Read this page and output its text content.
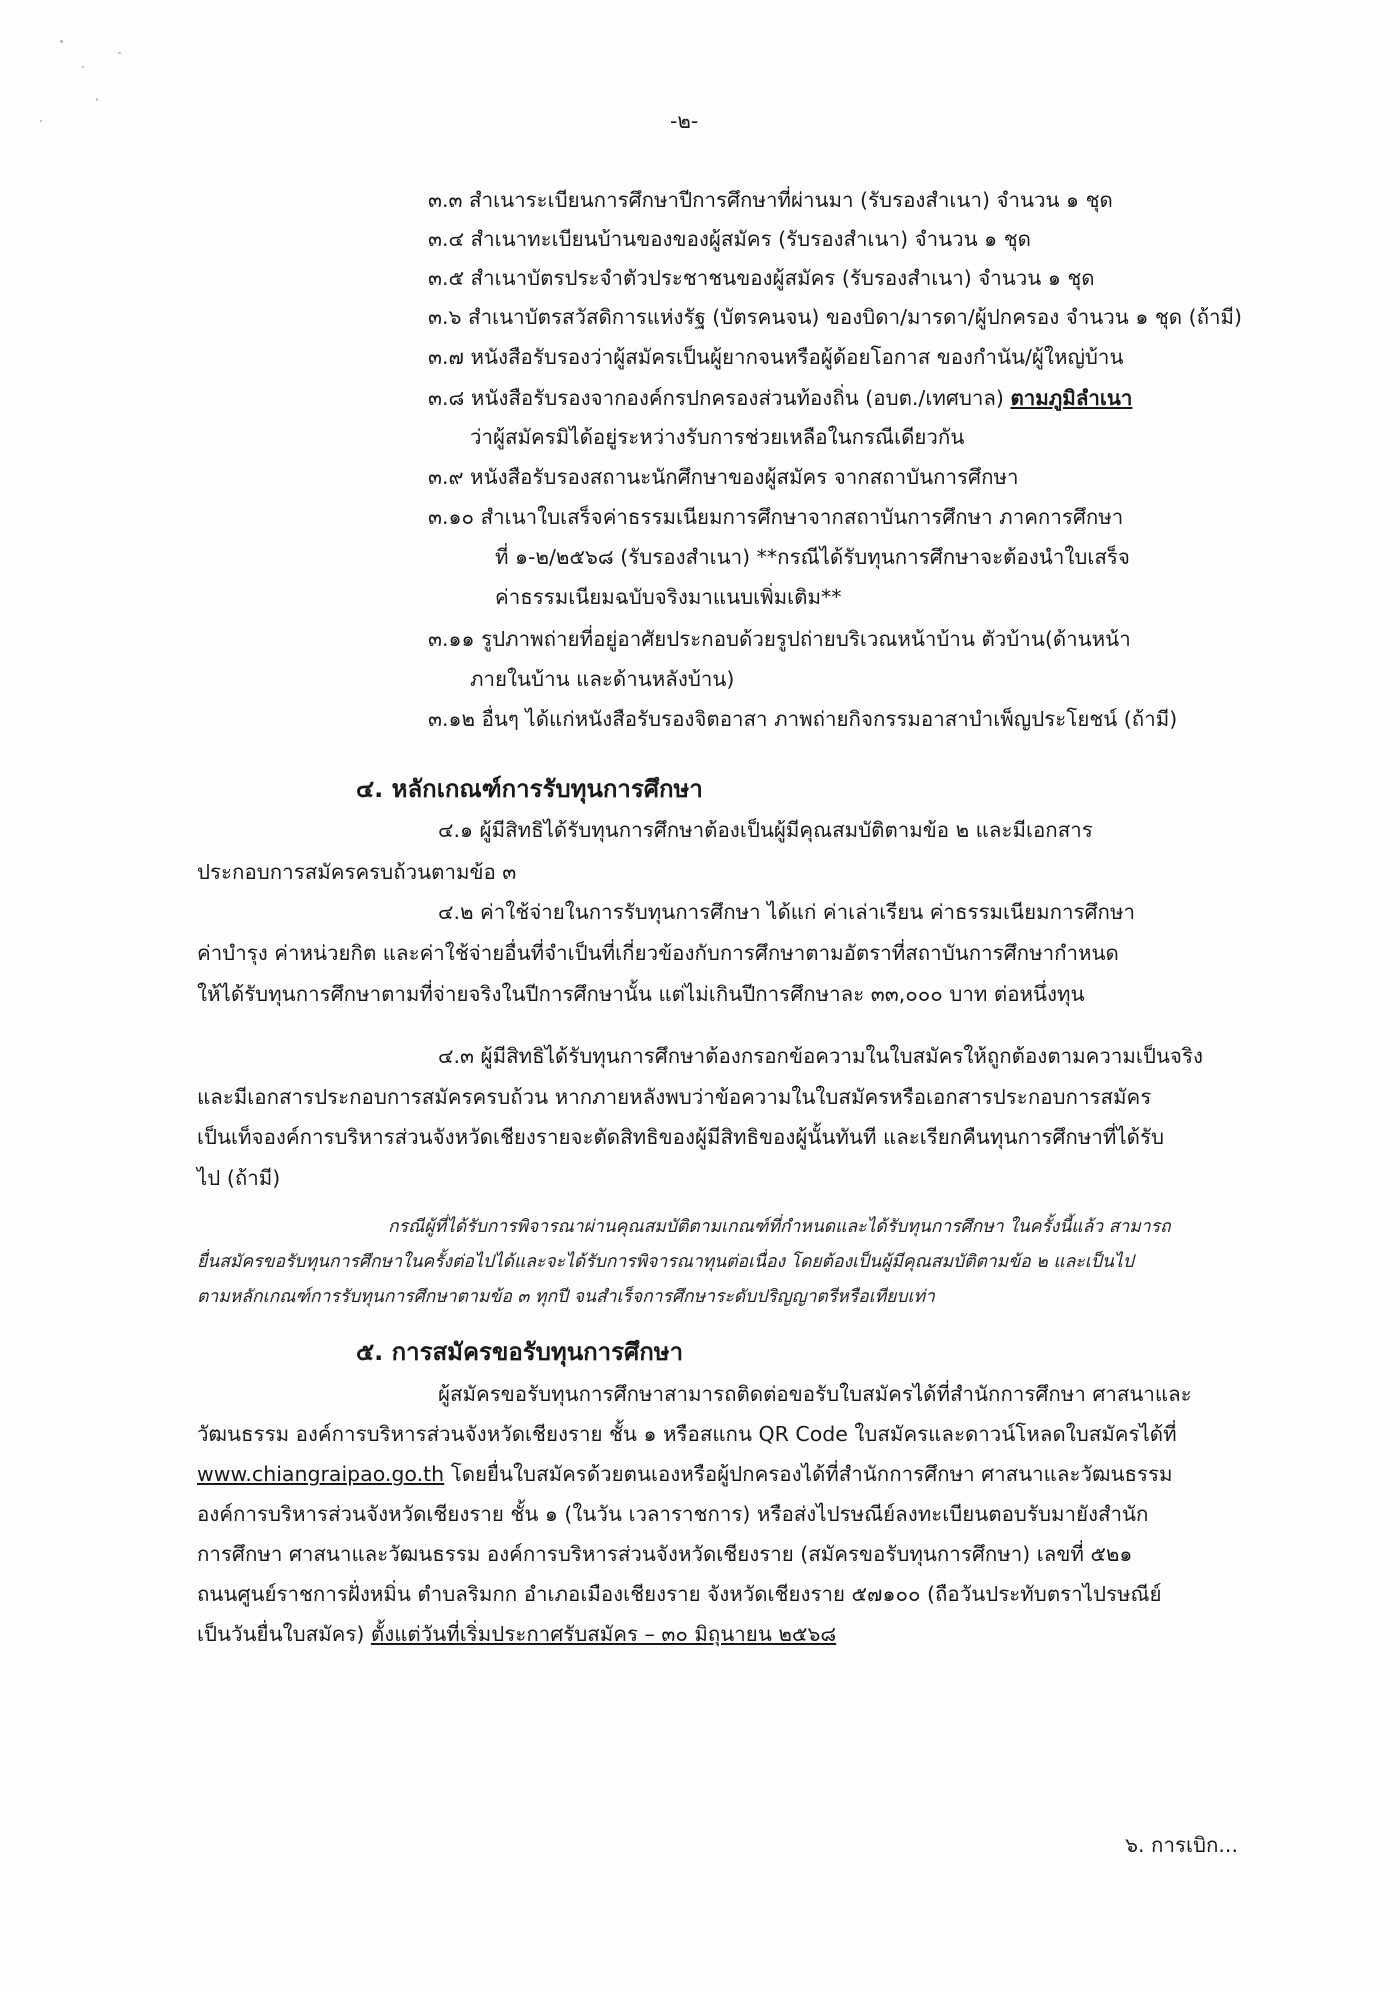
-๒-
๓.๓ สำเนาระเบียนการศึกษาปีการศึกษาที่ผ่านมา (รับรองสำเนา) จำนวน ๑ ชุด
๓.๔ สำเนาทะเบียนบ้านของของผู้สมัคร (รับรองสำเนา) จำนวน ๑ ชุด
๓.๕ สำเนาบัตรประจำตัวประชาชนของผู้สมัคร (รับรองสำเนา) จำนวน ๑ ชุด
๓.๖ สำเนาบัตรสวัสดิการแห่งรัฐ (บัตรคนจน) ของบิดา/มารดา/ผู้ปกครอง จำนวน ๑ ชุด (ถ้ามี)
๓.๗ หนังสือรับรองว่าผู้สมัครเป็นผู้ยากจนหรือผู้ด้อยโอกาส ของกำนัน/ผู้ใหญ่บ้าน
๓.๘ หนังสือรับรองจากองค์กรปกครองส่วนท้องถิ่น (อบต./เทศบาล) ตามภูมิลำเนา
ว่าผู้สมัครมิได้อยู่ระหว่างรับการช่วยเหลือในกรณีเดียวกัน
๓.๙ หนังสือรับรองสถานะนักศึกษาของผู้สมัคร จากสถาบันการศึกษา
๓.๑๐ สำเนาใบเสร็จค่าธรรมเนียมการศึกษาจากสถาบันการศึกษา ภาคการศึกษา
ที่ ๑-๒/๒๕๖๘ (รับรองสำเนา) **กรณีได้รับทุนการศึกษาจะต้องนำใบเสร็จ
ค่าธรรมเนียมฉบับจริงมาแนบเพิ่มเติม**
๓.๑๑ รูปภาพถ่ายที่อยู่อาศัยประกอบด้วยรูปถ่ายบริเวณหน้าบ้าน ตัวบ้าน(ด้านหน้า
ภายในบ้าน และด้านหลังบ้าน)
๓.๑๒ อื่นๆ ได้แก่หนังสือรับรองจิตอาสา ภาพถ่ายกิจกรรมอาสาบำเพ็ญประโยชน์ (ถ้ามี)
๔. หลักเกณฑ์การรับทุนการศึกษา
๔.๑ ผู้มีสิทธิได้รับทุนการศึกษาต้องเป็นผู้มีคุณสมบัติตามข้อ ๒ และมีเอกสาร
ประกอบการสมัครครบถ้วนตามข้อ ๓
๔.๒ ค่าใช้จ่ายในการรับทุนการศึกษา ได้แก่ ค่าเล่าเรียน ค่าธรรมเนียมการศึกษา
ค่าบำรุง ค่าหน่วยกิต และค่าใช้จ่ายอื่นที่จำเป็นที่เกี่ยวข้องกับการศึกษาตามอัตราที่สถาบันการศึกษากำหนด
ให้ได้รับทุนการศึกษาตามที่จ่ายจริงในปีการศึกษานั้น แต่ไม่เกินปีการศึกษาละ ๓๓,๐๐๐ บาท ต่อหนึ่งทุน
๔.๓ ผู้มีสิทธิได้รับทุนการศึกษาต้องกรอกข้อความในใบสมัครให้ถูกต้องตามความเป็นจริง
และมีเอกสารประกอบการสมัครครบถ้วน หากภายหลังพบว่าข้อความในใบสมัครหรือเอกสารประกอบการสมัคร
เป็นเท็จองค์การบริหารส่วนจังหวัดเชียงรายจะตัดสิทธิของผู้มีสิทธิของผู้นั้นทันที และเรียกคืนทุนการศึกษาที่ได้รับ
ไป (ถ้ามี)
กรณีผู้ที่ได้รับการพิจารณาผ่านคุณสมบัติตามเกณฑ์ที่กำหนดและได้รับทุนการศึกษา ในครั้งนี้แล้ว สามารถ
ยื่นสมัครขอรับทุนการศึกษาในครั้งต่อไปได้และจะได้รับการพิจารณาทุนต่อเนื่อง โดยต้องเป็นผู้มีคุณสมบัติตามข้อ ๒ และเป็นไป
ตามหลักเกณฑ์การรับทุนการศึกษาตามข้อ ๓ ทุกปี จนสำเร็จการศึกษาระดับปริญญาตรีหรือเทียบเท่า
๕. การสมัครขอรับทุนการศึกษา
ผู้สมัครขอรับทุนการศึกษาสามารถติดต่อขอรับใบสมัครได้ที่สำนักการศึกษา ศาสนาและ
วัฒนธรรม องค์การบริหารส่วนจังหวัดเชียงราย ชั้น ๑ หรือสแกน QR Code ใบสมัครและดาวน์โหลดใบสมัครได้ที่
www.chiangraipao.go.th โดยยื่นใบสมัครด้วยตนเองหรือผู้ปกครองได้ที่สำนักการศึกษา ศาสนาและวัฒนธรรม
องค์การบริหารส่วนจังหวัดเชียงราย ชั้น ๑ (ในวัน เวลาราชการ) หรือส่งไปรษณีย์ลงทะเบียนตอบรับมายังสำนัก
การศึกษา ศาสนาและวัฒนธรรม องค์การบริหารส่วนจังหวัดเชียงราย (สมัครขอรับทุนการศึกษา) เลขที่ ๕๒๑
ถนนศูนย์ราชการฝั่งหมิ่น ตำบลริมกก อำเภอเมืองเชียงราย จังหวัดเชียงราย ๕๗๑๐๐ (ถือวันประทับตราไปรษณีย์
เป็นวันยื่นใบสมัคร) ตั้งแต่วันที่เริ่มประกาศรับสมัคร – ๓๐ มิถุนายน ๒๕๖๘
๖. การเบิก...
